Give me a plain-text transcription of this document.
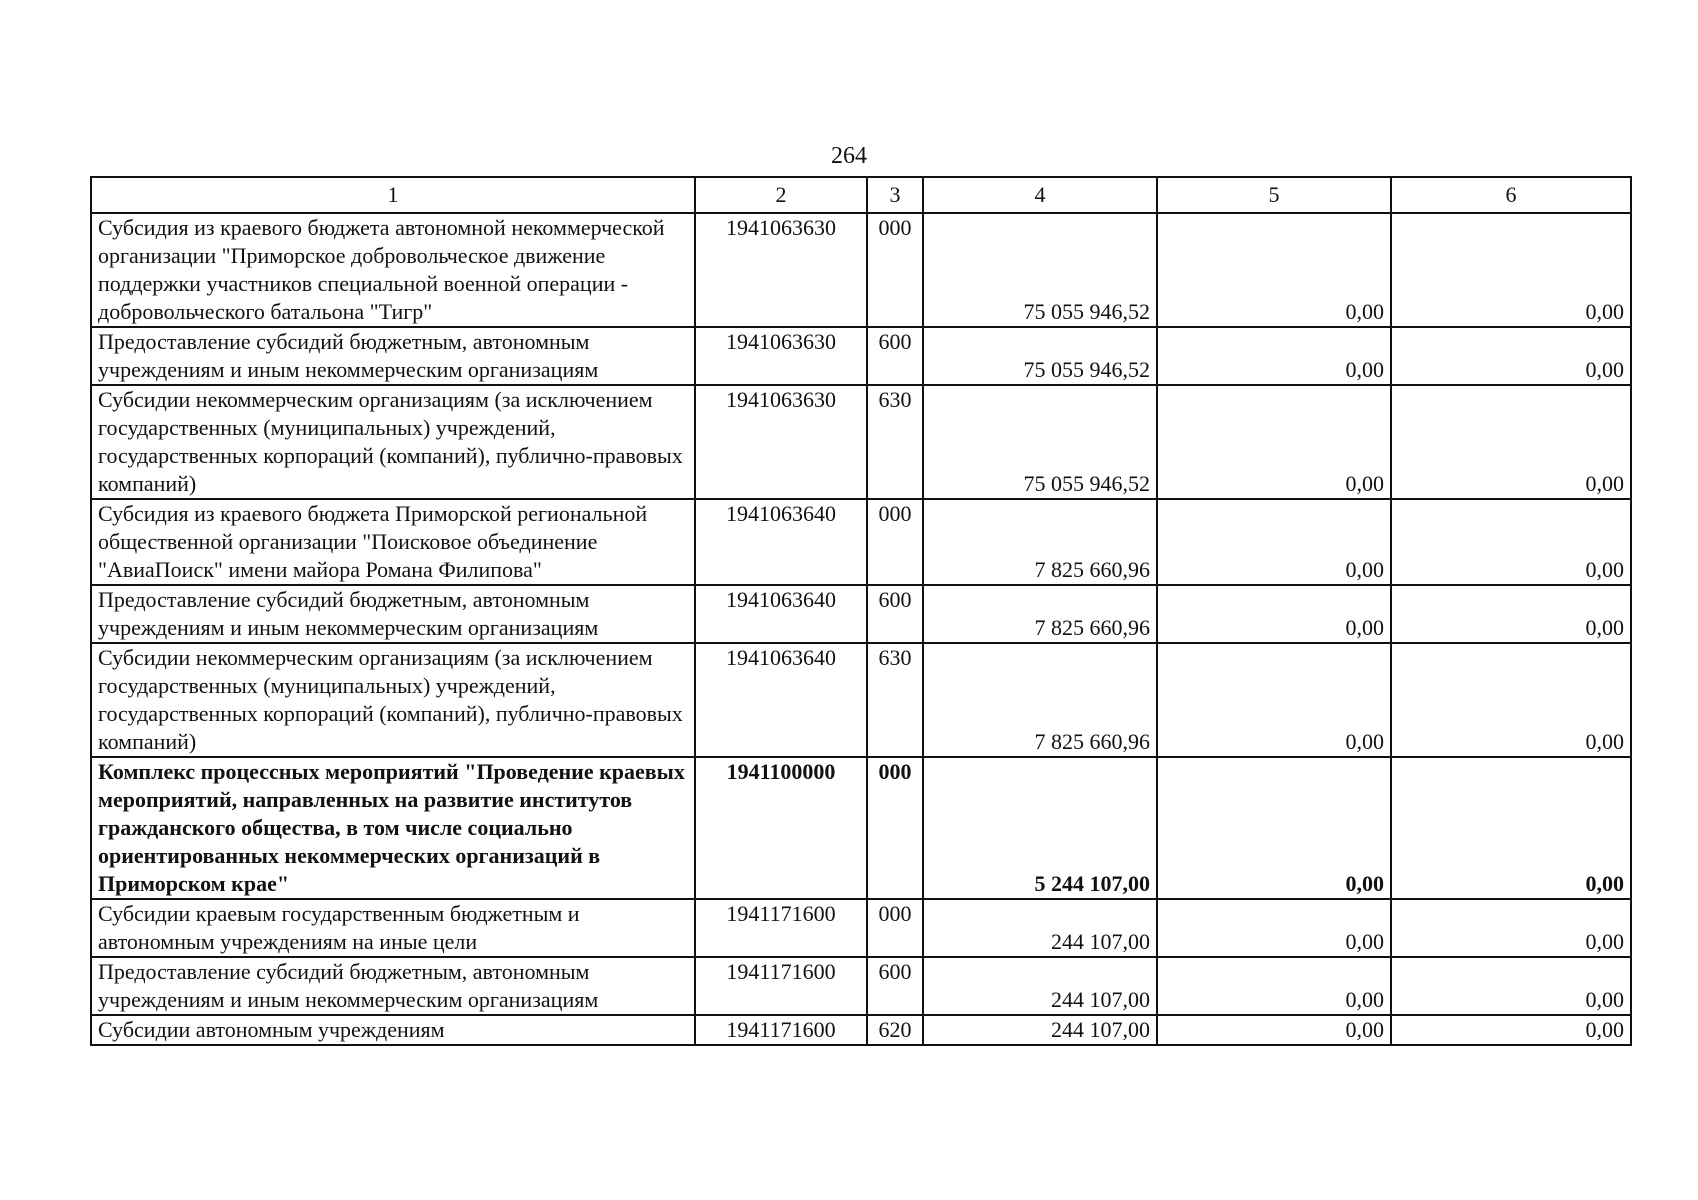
264
1	2	3	4	5	6
Субсидия из краевого бюджета автономной некоммерческой организации "Приморское добровольческое движение поддержки участников специальной военной операции - добровольческого батальона "Тигр"	1941063630	000	75 055 946,52	0,00	0,00
Предоставление субсидий бюджетным, автономным учреждениям и иным некоммерческим организациям	1941063630	600	75 055 946,52	0,00	0,00
Субсидии некоммерческим организациям (за исключением государственных (муниципальных) учреждений, государственных корпораций (компаний), публично-правовых компаний)	1941063630	630	75 055 946,52	0,00	0,00
Субсидия из краевого бюджета Приморской региональной общественной организации "Поисковое объединение "АвиаПоиск" имени майора Романа Филипова"	1941063640	000	7 825 660,96	0,00	0,00
Предоставление субсидий бюджетным, автономным учреждениям и иным некоммерческим организациям	1941063640	600	7 825 660,96	0,00	0,00
Субсидии некоммерческим организациям (за исключением государственных (муниципальных) учреждений, государственных корпораций (компаний), публично-правовых компаний)	1941063640	630	7 825 660,96	0,00	0,00
Комплекс процессных мероприятий "Проведение краевых мероприятий, направленных на развитие институтов гражданского общества, в том числе социально ориентированных некоммерческих организаций в Приморском крае"	1941100000	000	5 244 107,00	0,00	0,00
Субсидии краевым государственным бюджетным и автономным учреждениям на иные цели	1941171600	000	244 107,00	0,00	0,00
Предоставление субсидий бюджетным, автономным учреждениям и иным некоммерческим организациям	1941171600	600	244 107,00	0,00	0,00
Субсидии автономным учреждениям	1941171600	620	244 107,00	0,00	0,00
